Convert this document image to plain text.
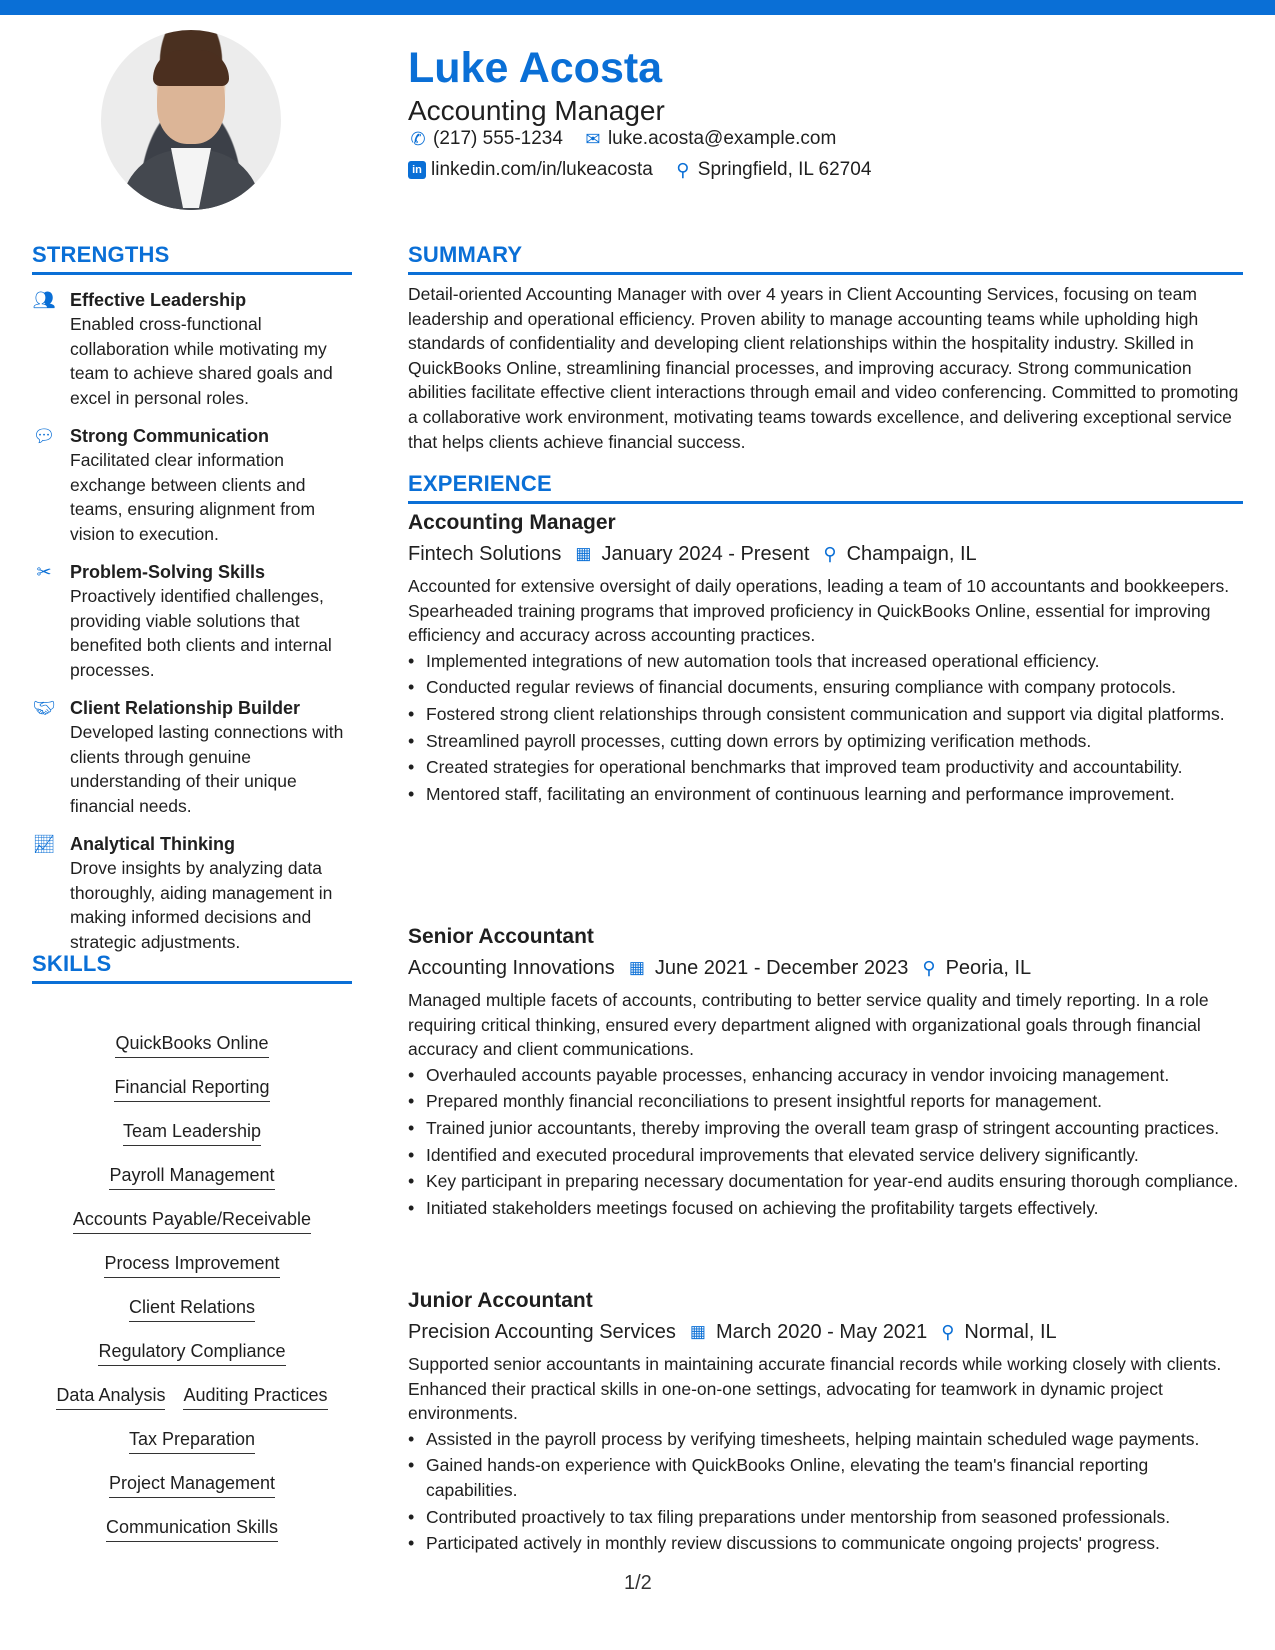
Luke Acosta
Accounting Manager
✆ (217) 555-1234 ✉ luke.acosta@example.com
in linkedin.com/in/lukeacosta ⚲ Springfield, IL 62704
STRENGTHS
👥︎ Effective Leadership
Enabled cross-functional collaboration while motivating my team to achieve shared goals and excel in personal roles.
💬︎ Strong Communication
Facilitated clear information exchange between clients and teams, ensuring alignment from vision to execution.
✂ Problem-Solving Skills
Proactively identified challenges, providing viable solutions that benefited both clients and internal processes.
🤝︎ Client Relationship Builder
Developed lasting connections with clients through genuine understanding of their unique financial needs.
📈︎ Analytical Thinking
Drove insights by analyzing data thoroughly, aiding management in making informed decisions and strategic adjustments.
SKILLS
QuickBooks Online
Financial Reporting
Team Leadership
Payroll Management
Accounts Payable/Receivable
Process Improvement
Client Relations
Regulatory Compliance
Data Analysis Auditing Practices
Tax Preparation
Project Management
Communication Skills
SUMMARY
Detail-oriented Accounting Manager with over 4 years in Client Accounting Services, focusing on team leadership and operational efficiency. Proven ability to manage accounting teams while upholding high standards of confidentiality and developing client relationships within the hospitality industry. Skilled in QuickBooks Online, streamlining financial processes, and improving accuracy. Strong communication abilities facilitate effective client interactions through email and video conferencing. Committed to promoting a collaborative work environment, motivating teams towards excellence, and delivering exceptional service that helps clients achieve financial success.
EXPERIENCE
Accounting Manager
Fintech Solutions ▦ January 2024 - Present ⚲ Champaign, IL
Accounted for extensive oversight of daily operations, leading a team of 10 accountants and bookkeepers. Spearheaded training programs that improved proficiency in QuickBooks Online, essential for improving efficiency and accuracy across accounting practices.
• Implemented integrations of new automation tools that increased operational efficiency.
• Conducted regular reviews of financial documents, ensuring compliance with company protocols.
• Fostered strong client relationships through consistent communication and support via digital platforms.
• Streamlined payroll processes, cutting down errors by optimizing verification methods.
• Created strategies for operational benchmarks that improved team productivity and accountability.
• Mentored staff, facilitating an environment of continuous learning and performance improvement.
Senior Accountant
Accounting Innovations ▦ June 2021 - December 2023 ⚲ Peoria, IL
Managed multiple facets of accounts, contributing to better service quality and timely reporting. In a role requiring critical thinking, ensured every department aligned with organizational goals through financial accuracy and client communications.
• Overhauled accounts payable processes, enhancing accuracy in vendor invoicing management.
• Prepared monthly financial reconciliations to present insightful reports for management.
• Trained junior accountants, thereby improving the overall team grasp of stringent accounting practices.
• Identified and executed procedural improvements that elevated service delivery significantly.
• Key participant in preparing necessary documentation for year-end audits ensuring thorough compliance.
• Initiated stakeholders meetings focused on achieving the profitability targets effectively.
Junior Accountant
Precision Accounting Services ▦ March 2020 - May 2021 ⚲ Normal, IL
Supported senior accountants in maintaining accurate financial records while working closely with clients. Enhanced their practical skills in one-on-one settings, advocating for teamwork in dynamic project environments.
• Assisted in the payroll process by verifying timesheets, helping maintain scheduled wage payments.
• Gained hands-on experience with QuickBooks Online, elevating the team's financial reporting capabilities.
• Contributed proactively to tax filing preparations under mentorship from seasoned professionals.
• Participated actively in monthly review discussions to communicate ongoing projects' progress.
1/2
